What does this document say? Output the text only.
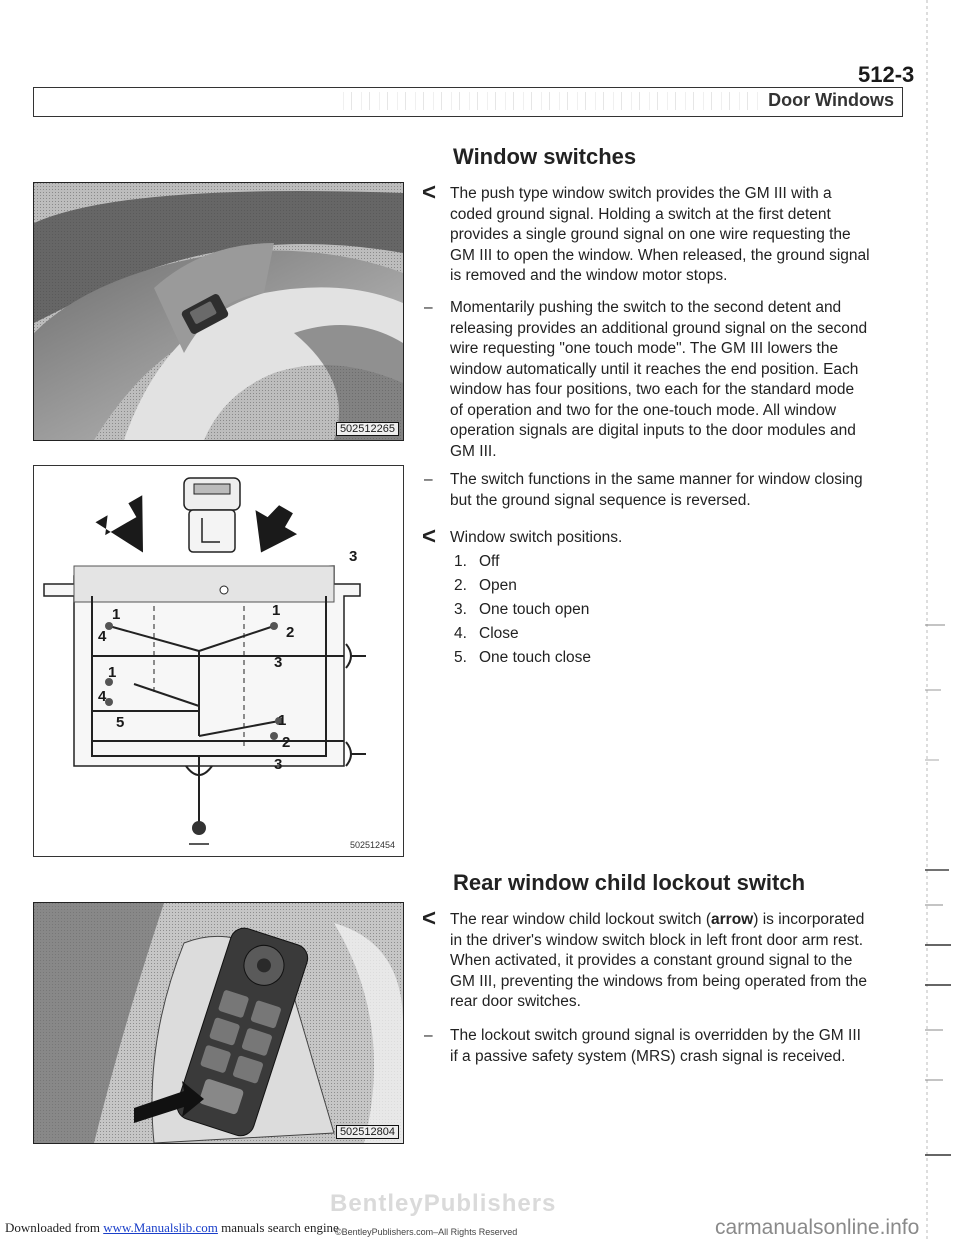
512-3
Door Windows
502512265
3
1	1
4	2
3
1
4
5	1
2
3
502512454
502512804
Window switches
< The push type window switch provides the GM III with a coded ground signal. Holding a switch at the first detent provides a single ground signal on one wire requesting the GM III to open the window. When released, the ground signal is removed and the window motor stops.
– Momentarily pushing the switch to the second detent and releasing provides an additional ground signal on the second wire requesting "one touch mode". The GM III lowers the window automatically until it reaches the end position. Each window has four positions, two each for the standard mode of operation and two for the one-touch mode. All window operation signals are digital inputs to the door modules and GM III.
– The switch functions in the same manner for window closing but the ground signal sequence is reversed.
< Window switch positions.
1. Off
2. Open
3. One touch open
4. Close
5. One touch close
Rear window child lockout switch
< The rear window child lockout switch (arrow) is incorporated in the driver's window switch block in left front door arm rest. When activated, it provides a constant ground signal to the GM III, preventing the windows from being operated from the rear door switches.
– The lockout switch ground signal is overridden by the GM III if a passive safety system (MRS) crash signal is received.
BentleyPublishers
Downloaded from www.Manualslib.com manuals search engine
©BentleyPublishers.com–All Rights Reserved	carmanualsonline.info
